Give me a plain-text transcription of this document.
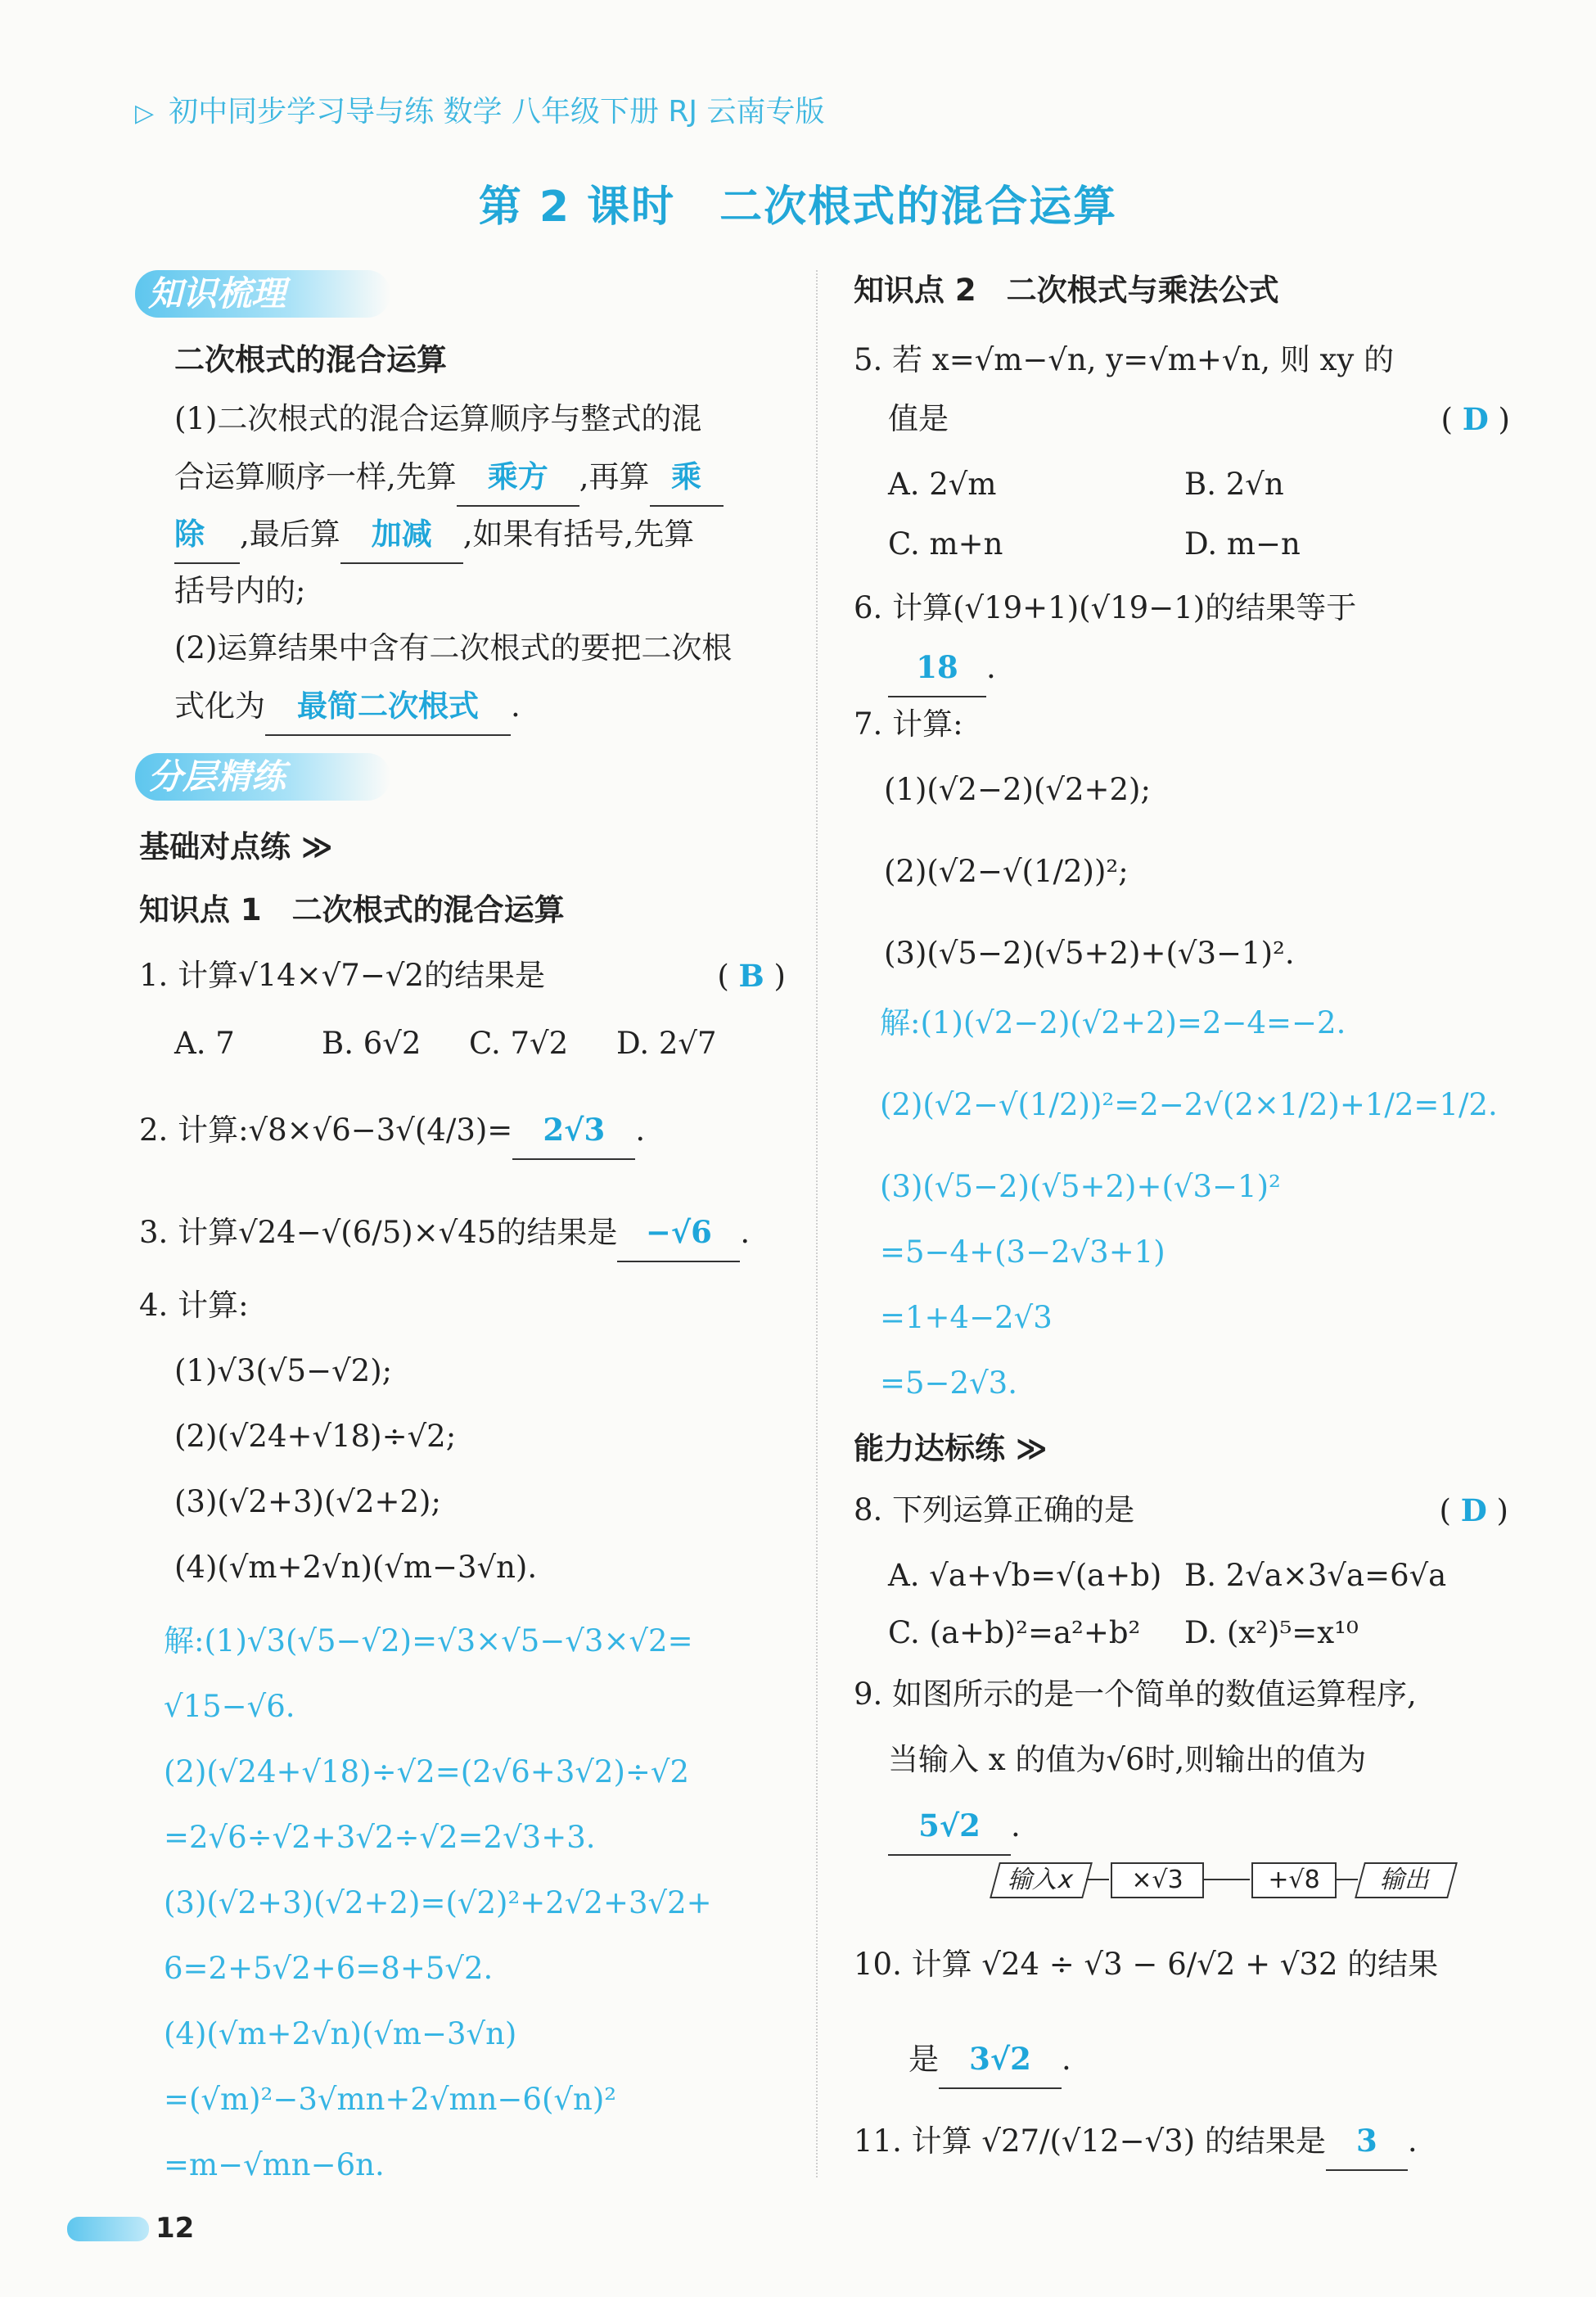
▷ 初中同步学习导与练 数学 八年级下册 RJ 云南专版
第 2 课时　二次根式的混合运算
知识梳理
二次根式的混合运算
(1)二次根式的混合运算顺序与整式的混
合运算顺序一样,先算 乘方 ,再算 乘
除 ,最后算 加减 ,如果有括号,先算
括号内的;
(2)运算结果中含有二次根式的要把二次根
式化为 最简二次根式 .
分层精练
基础对点练 ≫
知识点 1　二次根式的混合运算
1. 计算√14×√7−√2的结果是	( B )
A. 7	B. 6√2 C. 7√2 D. 2√7
2. 计算:√8×√6−3√(4/3)= 2√3 .
3. 计算√24−√(6/5)×√45的结果是 −√6 .
4. 计算:
(1)√3(√5−√2);
(2)(√24+√18)÷√2;
(3)(√2+3)(√2+2);
(4)(√m+2√n)(√m−3√n).
解:(1)√3(√5−√2)=√3×√5−√3×√2=
√15−√6.
(2)(√24+√18)÷√2=(2√6+3√2)÷√2
=2√6÷√2+3√2÷√2=2√3+3.
(3)(√2+3)(√2+2)=(√2)²+2√2+3√2+
6=2+5√2+6=8+5√2.
(4)(√m+2√n)(√m−3√n)
=(√m)²−3√mn+2√mn−6(√n)²
=m−√mn−6n.
12
知识点 2　二次根式与乘法公式
5. 若 x=√m−√n, y=√m+√n, 则 xy 的
值是	( D )
A. 2√m	B. 2√n
C. m+n	D. m−n
6. 计算(√19+1)(√19−1)的结果等于
18 .
7. 计算:
(1)(√2−2)(√2+2);
(2)(√2−√(1/2))²;
(3)(√5−2)(√5+2)+(√3−1)².
解:(1)(√2−2)(√2+2)=2−4=−2.
(2)(√2−√(1/2))²=2−2√(2×1/2)+1/2=1/2.
(3)(√5−2)(√5+2)+(√3−1)²
=5−4+(3−2√3+1)
=1+4−2√3
=5−2√3.
能力达标练 ≫
8. 下列运算正确的是	( D )
A. √a+√b=√(a+b) B. 2√a×3√a=6√a
C. (a+b)²=a²+b² D. (x²)⁵=x¹⁰
9. 如图所示的是一个简单的数值运算程序,
当输入 x 的值为√6时,则输出的值为
5√2 .
输入x	×√3	+√8	输出
10. 计算 √24 ÷ √3 − 6/√2 + √32 的结果
是 3√2 .
11. 计算 √27/(√12−√3) 的结果是 3 .
